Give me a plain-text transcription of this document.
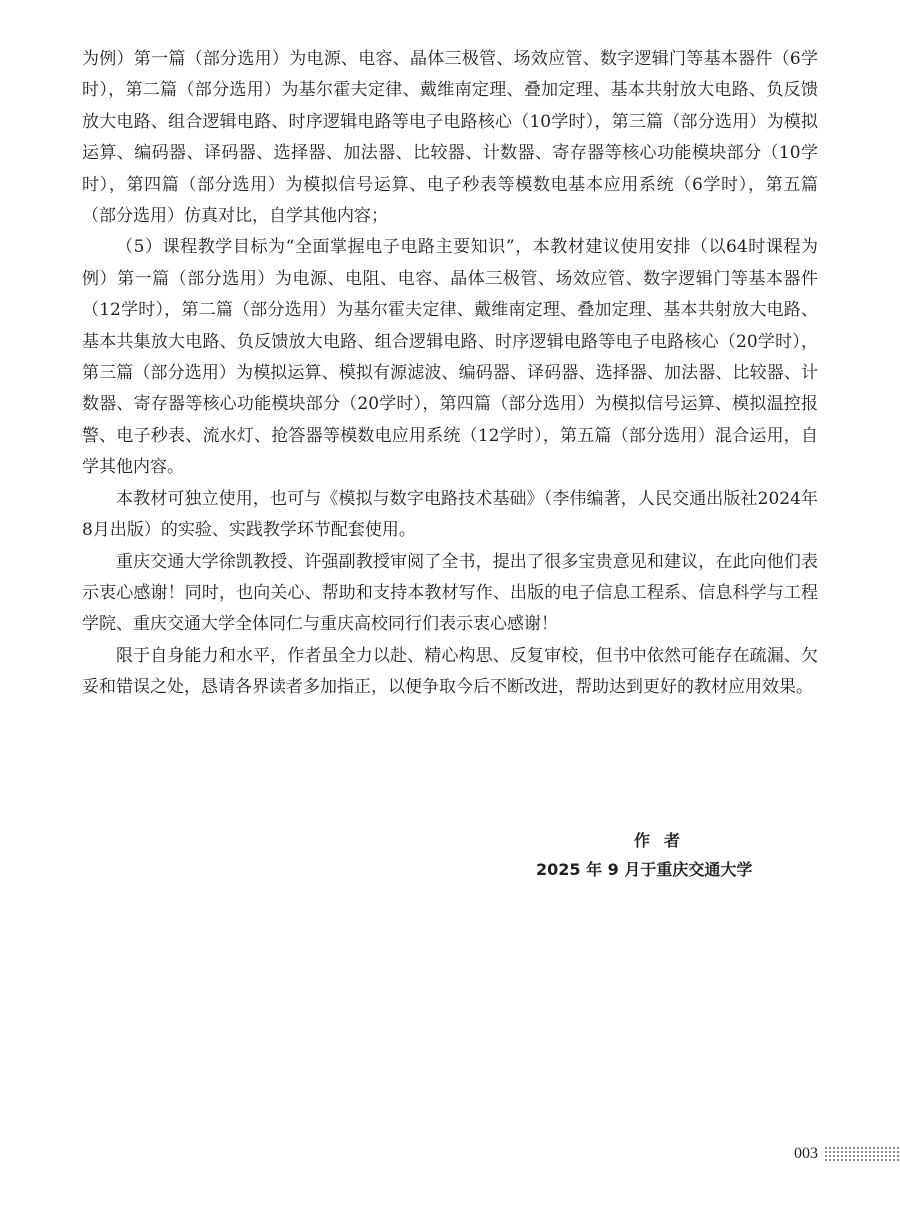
为例）第一篇（部分选用）为电源、电容、晶体三极管、场效应管、数字逻辑门等基本器件（6学时），第二篇（部分选用）为基尔霍夫定律、戴维南定理、叠加定理、基本共射放大电路、负反馈放大电路、组合逻辑电路、时序逻辑电路等电子电路核心（10学时），第三篇（部分选用）为模拟运算、编码器、译码器、选择器、加法器、比较器、计数器、寄存器等核心功能模块部分（10学时），第四篇（部分选用）为模拟信号运算、电子秒表等模数电基本应用系统（6学时），第五篇（部分选用）仿真对比，自学其他内容；

（5）课程教学目标为“全面掌握电子电路主要知识”，本教材建议使用安排（以64时课程为例）第一篇（部分选用）为电源、电阻、电容、晶体三极管、场效应管、数字逻辑门等基本器件（12学时），第二篇（部分选用）为基尔霍夫定律、戴维南定理、叠加定理、基本共射放大电路、基本共集放大电路、负反馈放大电路、组合逻辑电路、时序逻辑电路等电子电路核心（20学时），第三篇（部分选用）为模拟运算、模拟有源滤波、编码器、译码器、选择器、加法器、比较器、计数器、寄存器等核心功能模块部分（20学时），第四篇（部分选用）为模拟信号运算、模拟温控报警、电子秒表、流水灯、抢答器等模数电应用系统（12学时），第五篇（部分选用）混合运用，自学其他内容。

本教材可独立使用，也可与《模拟与数字电路技术基础》（李伟编著，人民交通出版社2024年8月出版）的实验、实践教学环节配套使用。

重庆交通大学徐凯教授、许强副教授审阅了全书，提出了很多宝贵意见和建议，在此向他们表示衷心感谢！同时，也向关心、帮助和支持本教材写作、出版的电子信息工程系、信息科学与工程学院、重庆交通大学全体同仁与重庆高校同行们表示衷心感谢！

限于自身能力和水平，作者虽全力以赴、精心构思、反复审校，但书中依然可能存在疏漏、欠妥和错误之处，恳请各界读者多加指正，以便争取今后不断改进，帮助达到更好的教材应用效果。

作者
2025 年 9 月于重庆交通大学
003
